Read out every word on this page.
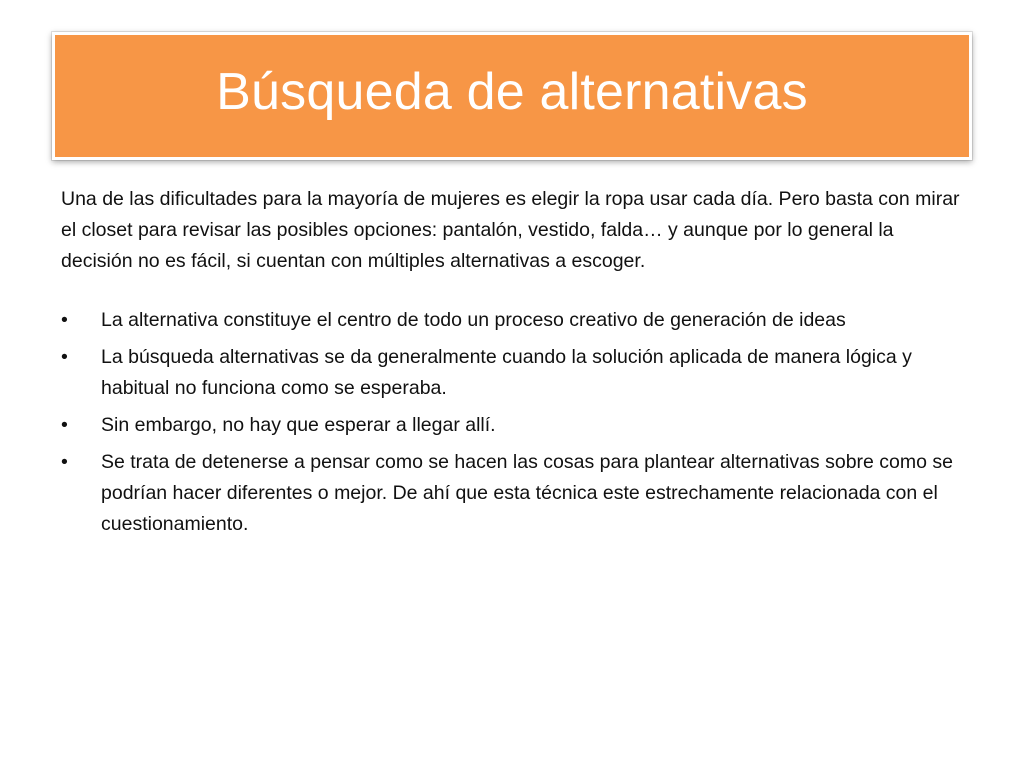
Búsqueda de alternativas

Una de las dificultades para la mayoría de mujeres es elegir la ropa usar cada día. Pero basta con mirar el closet para revisar las posibles opciones: pantalón, vestido, falda… y aunque por lo general la decisión no es fácil, si cuentan con múltiples alternativas a escoger.

•	La alternativa constituye el centro de todo un proceso creativo de generación de ideas
•	La búsqueda alternativas se da generalmente cuando la solución aplicada de manera lógica y habitual no funciona como se esperaba.
•	Sin embargo, no hay que esperar a llegar allí.
•	Se trata de detenerse a pensar como se hacen las cosas para plantear alternativas sobre como se podrían hacer diferentes o mejor. De ahí que esta técnica este estrechamente relacionada con el cuestionamiento.
